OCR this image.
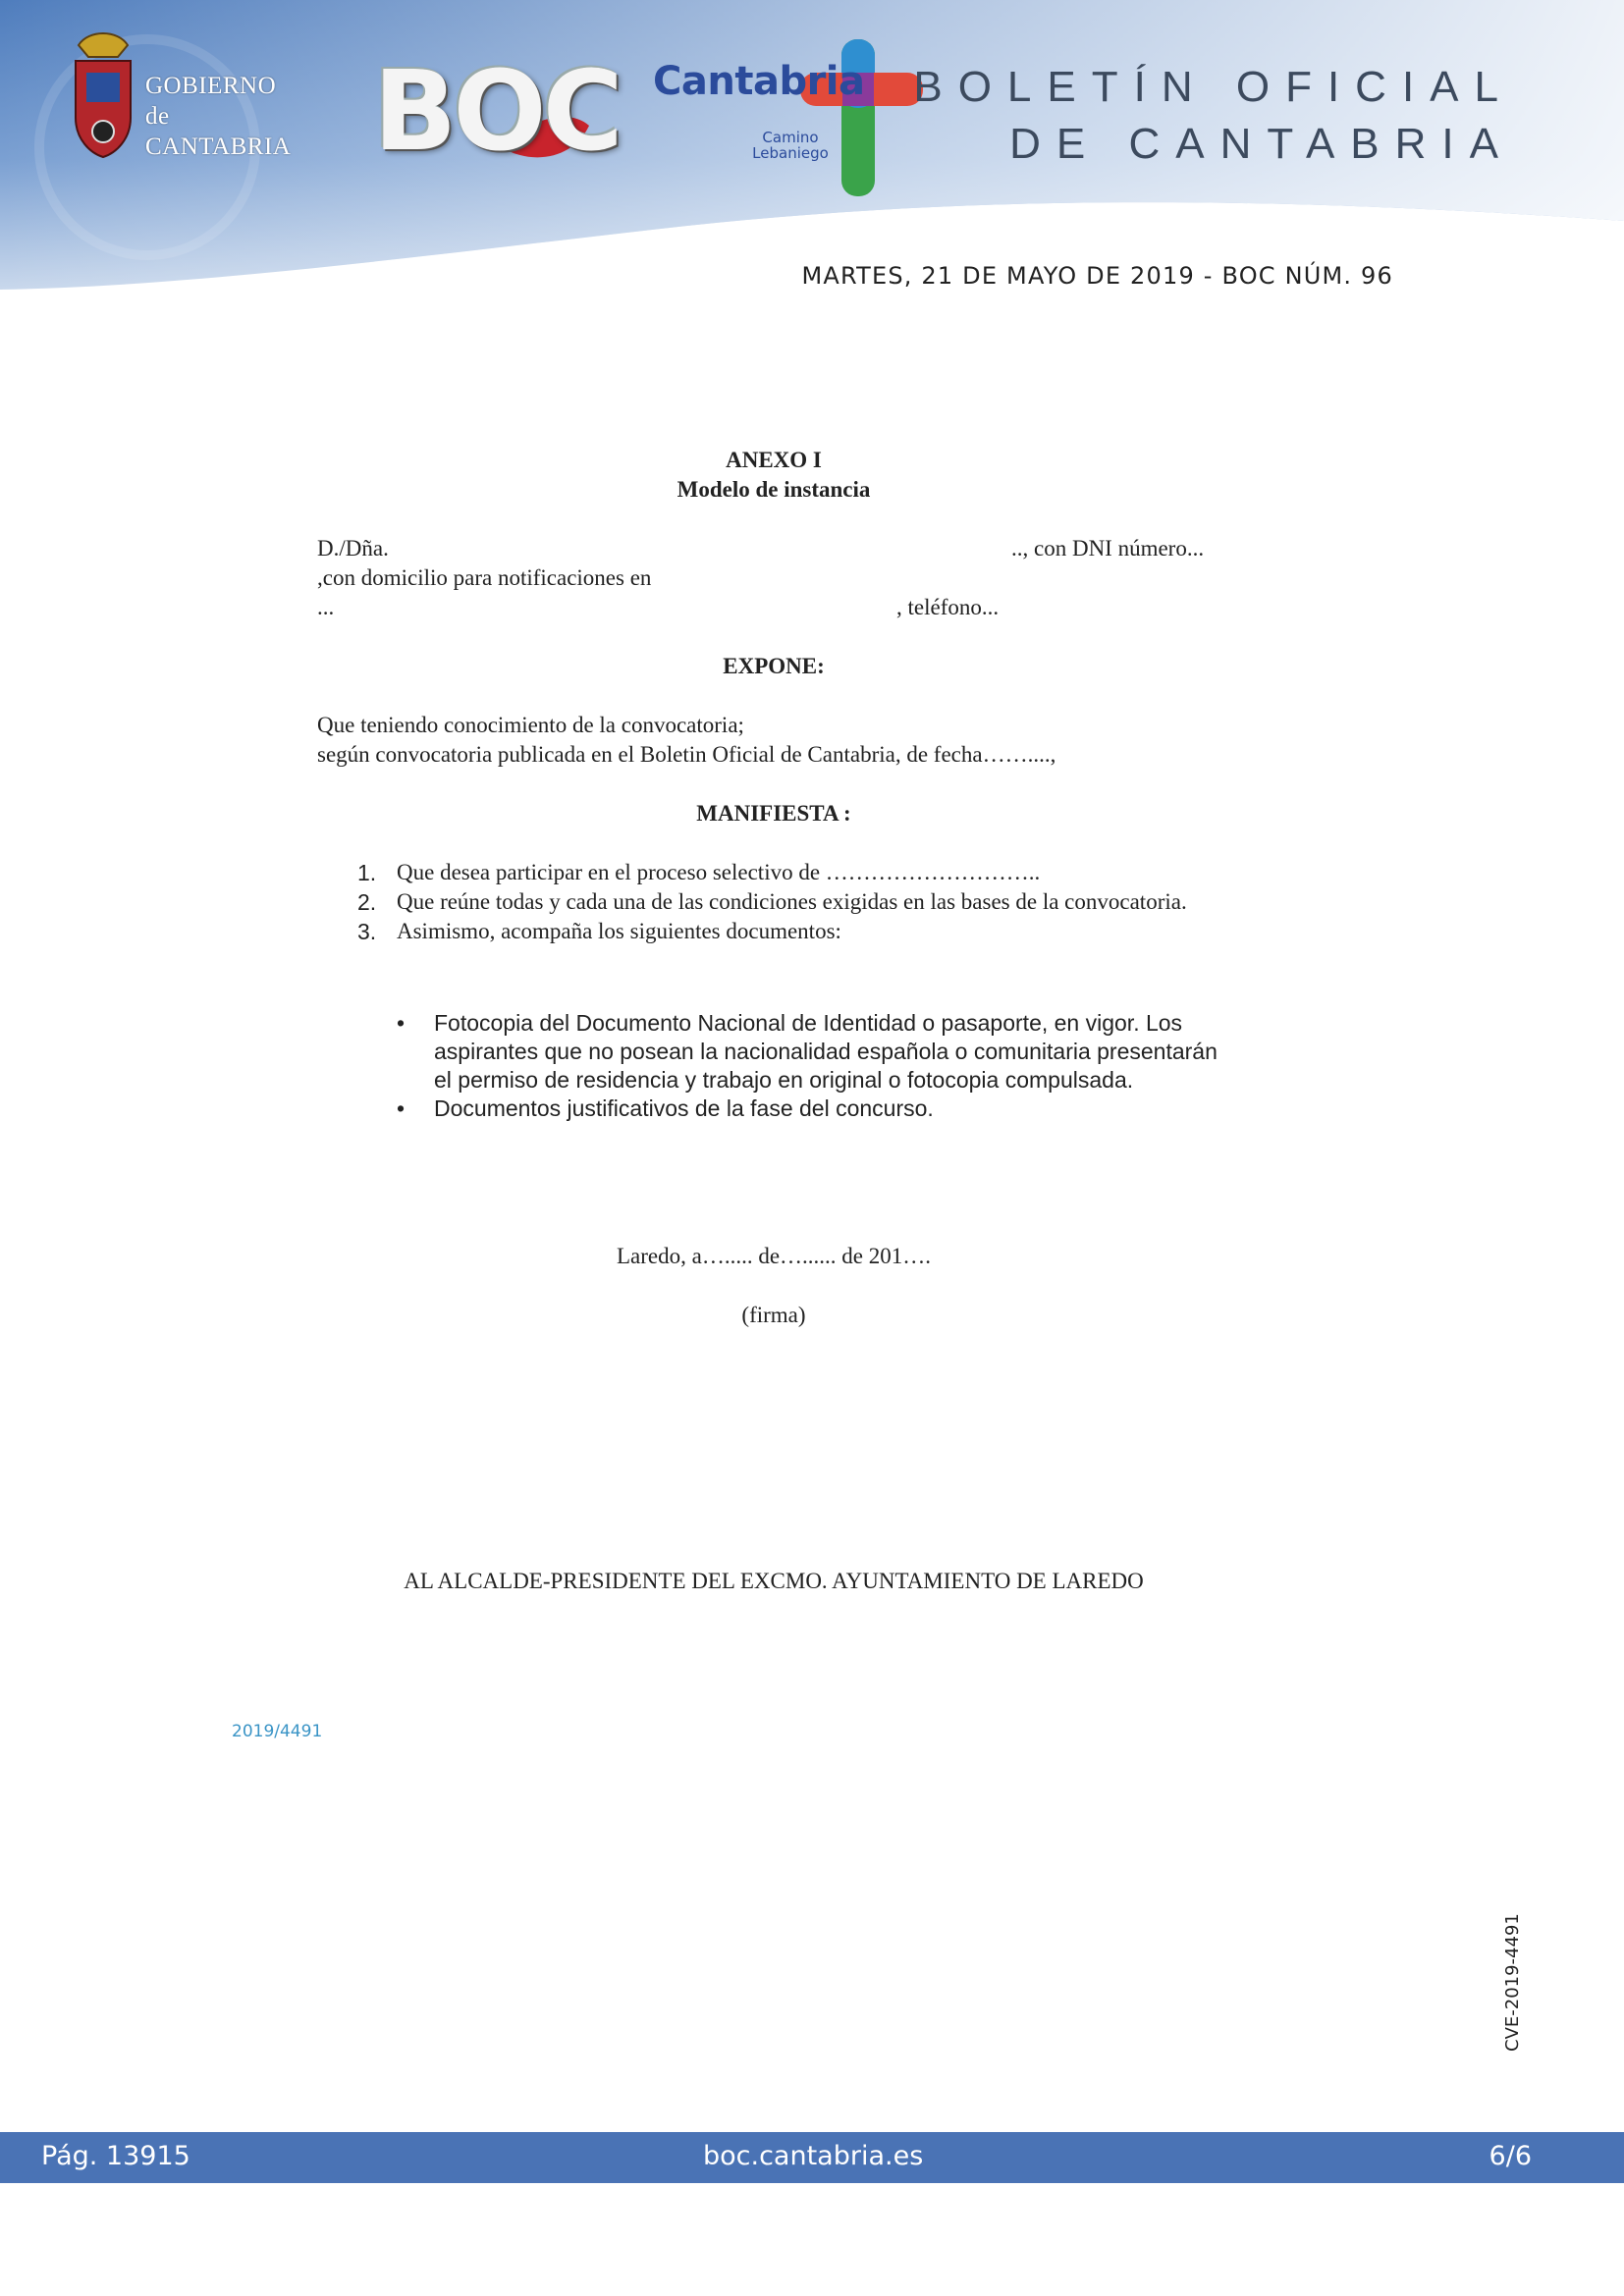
GOBIERNO
de
CANTABRIA BOC Cantabria
Camino
Lebaniego
BOLETÍN OFICIAL
DE CANTABRIA
MARTES, 21 DE MAYO DE 2019 - BOC NÚM. 96
ANEXO I
Modelo de instancia
D./Dña.	.., con DNI número...
,con domicilio para notificaciones en
...	, teléfono...
EXPONE:
Que teniendo conocimiento de la convocatoria;
según convocatoria publicada en el Boletin Oficial de Cantabria, de fecha……....,
MANIFIESTA :
1. Que desea participar en el proceso selectivo de ………………………..
2. Que reúne todas y cada una de las condiciones exigidas en las bases de la convocatoria.
3. Asimismo, acompaña los siguientes documentos:
• Fotocopia del Documento Nacional de Identidad o pasaporte, en vigor. Los aspirantes que no posean la nacionalidad española o comunitaria presentarán el permiso de residencia y trabajo en original o fotocopia compulsada.
• Documentos justificativos de la fase del concurso.
Laredo, a…..... de…...... de 201….
(firma)
AL ALCALDE-PRESIDENTE DEL EXCMO. AYUNTAMIENTO DE LAREDO
2019/4491
CVE-2019-4491
Pág. 13915	boc.cantabria.es	6/6
